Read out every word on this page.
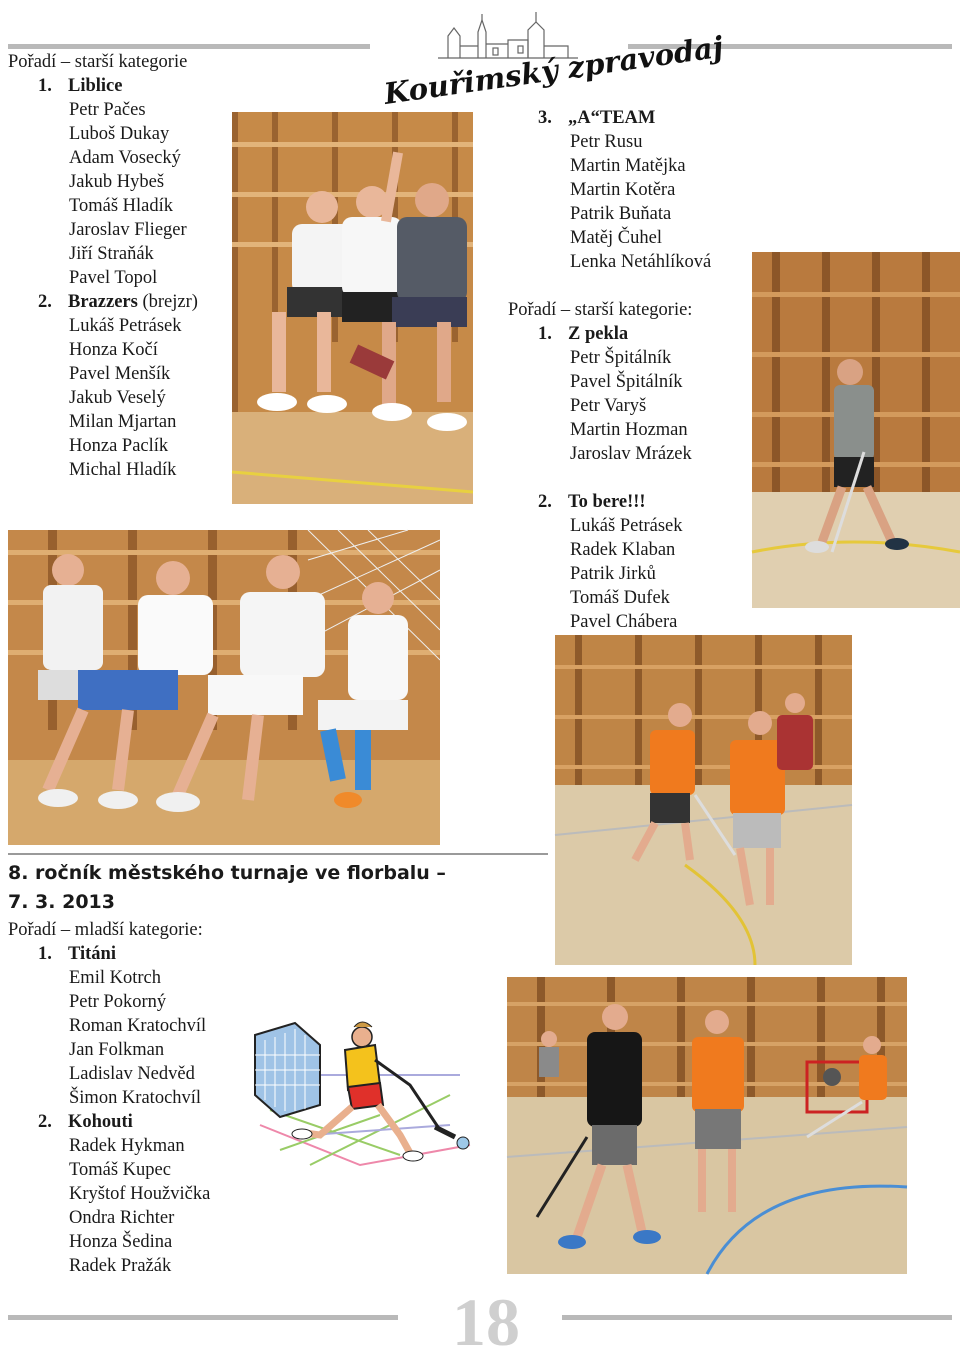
Kouřimský zpravodaj
Pořadí – starší kategorie
1. Liblice
Petr Pačes
Luboš Dukay
Adam Vosecký
Jakub Hybeš
Tomáš Hladík
Jaroslav Flieger
Jiří Straňák
Pavel Topol
2. Brazzers (brejzr)
Lukáš Petrásek
Honza Kočí
Pavel Menšík
Jakub Veselý
Milan Mjartan
Honza Paclík
Michal Hladík
3. „A“TEAM
Petr Rusu
Martin Matějka
Martin Kotěra
Patrik Buňata
Matěj Čuhel
Lenka Netáhlíková
Pořadí – starší kategorie:
1. Z pekla
Petr Špitálník
Pavel Špitálník
Petr Varyš
Martin Hozman
Jaroslav Mrázek
2. To bere!!!
Lukáš Petrásek
Radek Klaban
Patrik Jirků
Tomáš Dufek
Pavel Chábera
8. ročník městského turnaje ve florbalu –
7. 3. 2013
Pořadí – mladší kategorie:
1. Titáni
Emil Kotrch
Petr Pokorný
Roman Kratochvíl
Jan Folkman
Ladislav Nedvěd
Šimon Kratochvíl
2. Kohouti
Radek Hykman
Tomáš Kupec
Kryštof Houžvička
Ondra Richter
Honza Šedina
Radek Pražák
18
